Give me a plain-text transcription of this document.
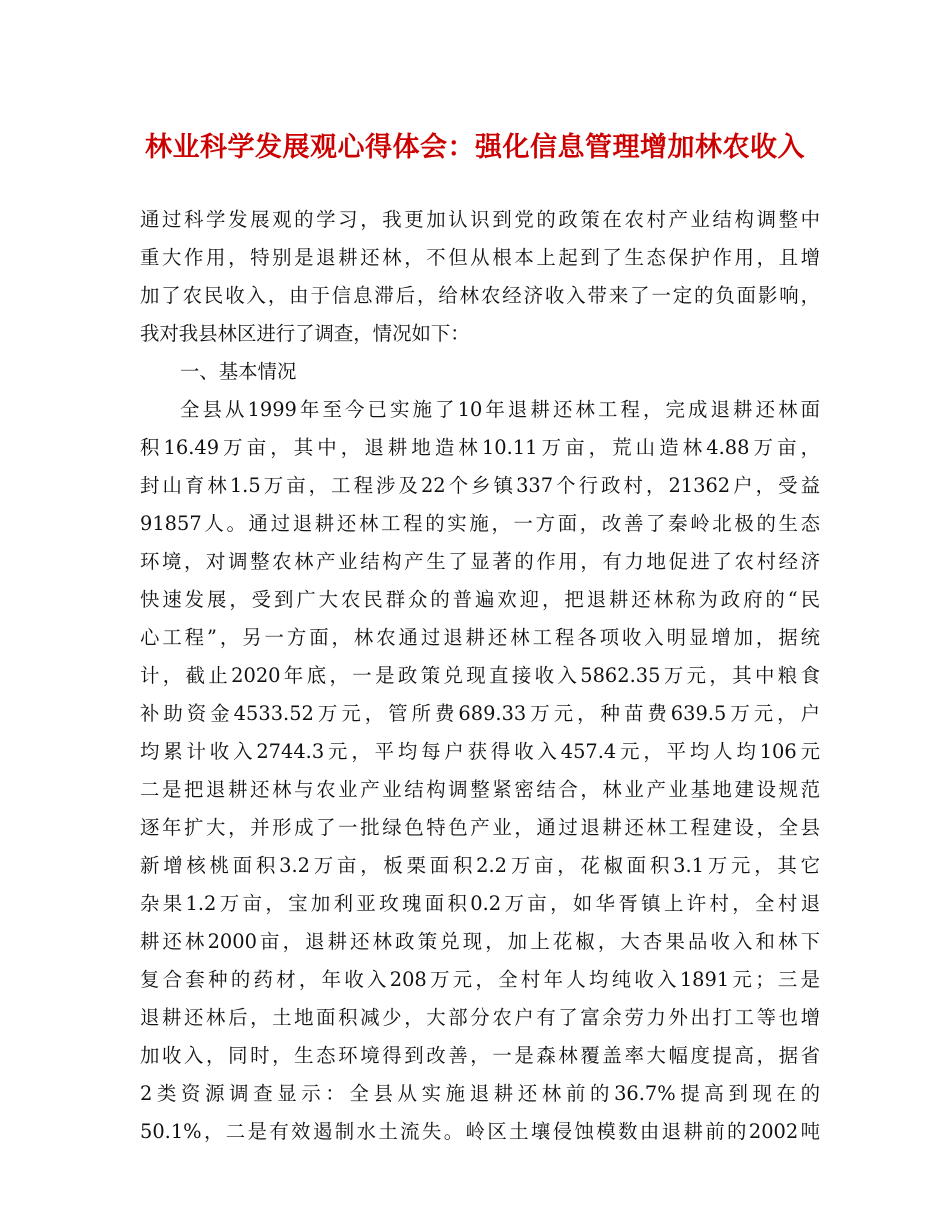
林业科学发展观心得体会：强化信息管理增加林农收入
通过科学发展观的学习，我更加认识到党的政策在农村产业结构调整中
重大作用，特别是退耕还林，不但从根本上起到了生态保护作用，且增
加了农民收入，由于信息滞后，给林农经济收入带来了一定的负面影响，
我对我县林区进行了调查，情况如下：
一、基本情况
全县从1999年至今已实施了10年退耕还林工程，完成退耕还林面
积16.49万亩，其中，退耕地造林10.11万亩，荒山造林4.88万亩，
封山育林1.5万亩，工程涉及22个乡镇337个行政村，21362户，受益
91857人。通过退耕还林工程的实施，一方面，改善了秦岭北极的生态
环境，对调整农林产业结构产生了显著的作用，有力地促进了农村经济
快速发展，受到广大农民群众的普遍欢迎，把退耕还林称为政府的“民
心工程”，另一方面，林农通过退耕还林工程各项收入明显增加，据统
计，截止2020年底，一是政策兑现直接收入5862.35万元，其中粮食
补助资金4533.52万元，管所费689.33万元，种苗费639.5万元，户
均累计收入2744.3元，平均每户获得收入457.4元，平均人均106元
二是把退耕还林与农业产业结构调整紧密结合，林业产业基地建设规范
逐年扩大，并形成了一批绿色特色产业，通过退耕还林工程建设，全县
新增核桃面积3.2万亩，板栗面积2.2万亩，花椒面积3.1万元，其它
杂果1.2万亩，宝加利亚玫瑰面积0.2万亩，如华胥镇上许村，全村退
耕还林2000亩，退耕还林政策兑现，加上花椒，大杏果品收入和林下
复合套种的药材，年收入208万元，全村年人均纯收入1891元；三是
退耕还林后，土地面积减少，大部分农户有了富余劳力外出打工等也增
加收入，同时，生态环境得到改善，一是森林覆盖率大幅度提高，据省
2类资源调查显示：全县从实施退耕还林前的36.7%提高到现在的
50.1%，二是有效遏制水土流失。岭区土壤侵蚀模数由退耕前的2002吨
